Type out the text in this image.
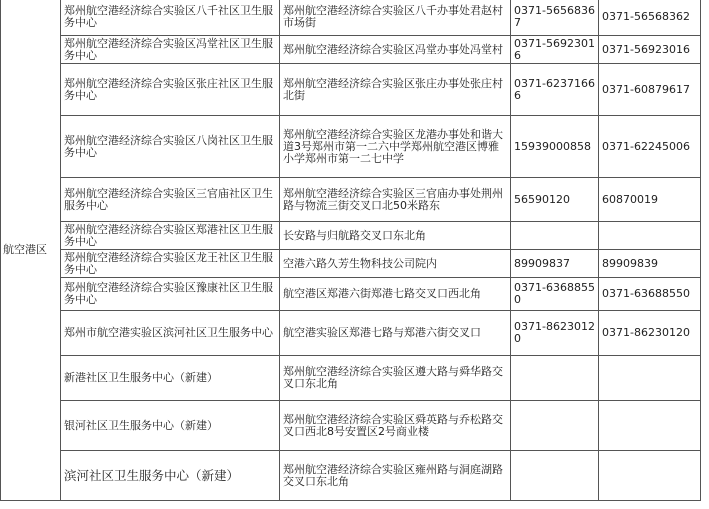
航空港区	郑州航空港经济综合实验区八千社区卫生服务中心	郑州航空港经济综合实验区八千办事处君赵村市场街	0371-56568367	0371-56568362
	郑州航空港经济综合实验区冯堂社区卫生服务中心	郑州航空港经济综合实验区冯堂办事处冯堂村	0371-56923016	0371-56923016
	郑州航空港经济综合实验区张庄社区卫生服务中心	郑州航空港经济综合实验区张庄办事处张庄村北街	0371-62371666	0371-60879617
	郑州航空港经济综合实验区八岗社区卫生服务中心	郑州航空港经济综合实验区龙港办事处和谐大道3号郑州市第一二六中学郑州航空港区博雅小学郑州市第一二七中学	15939000858	0371-62245006
	郑州航空港经济综合实验区三官庙社区卫生服务中心	郑州航空港经济综合实验区三官庙办事处荆州路与物流三街交叉口北50米路东	56590120	60870019
	郑州航空港经济综合实验区郑港社区卫生服务中心	长安路与归航路交叉口东北角		
	郑州航空港经济综合实验区龙王社区卫生服务中心	空港六路久芳生物科技公司院内	89909837	89909839
	郑州航空港经济综合实验区豫康社区卫生服务中心	航空港区郑港六街郑港七路交叉口西北角	0371-63688550	0371-63688550
	郑州市航空港实验区滨河社区卫生服务中心	航空港实验区郑港七路与郑港六街交叉口	0371-86230120	0371-86230120
	新港社区卫生服务中心（新建）	郑州航空港经济综合实验区遵大路与舜华路交叉口东北角		
	银河社区卫生服务中心（新建）	郑州航空港经济综合实验区舜英路与乔松路交叉口西北8号安置区2号商业楼		
	滨河社区卫生服务中心（新建）	郑州航空港经济综合实验区雍州路与洞庭湖路交叉口东北角		
